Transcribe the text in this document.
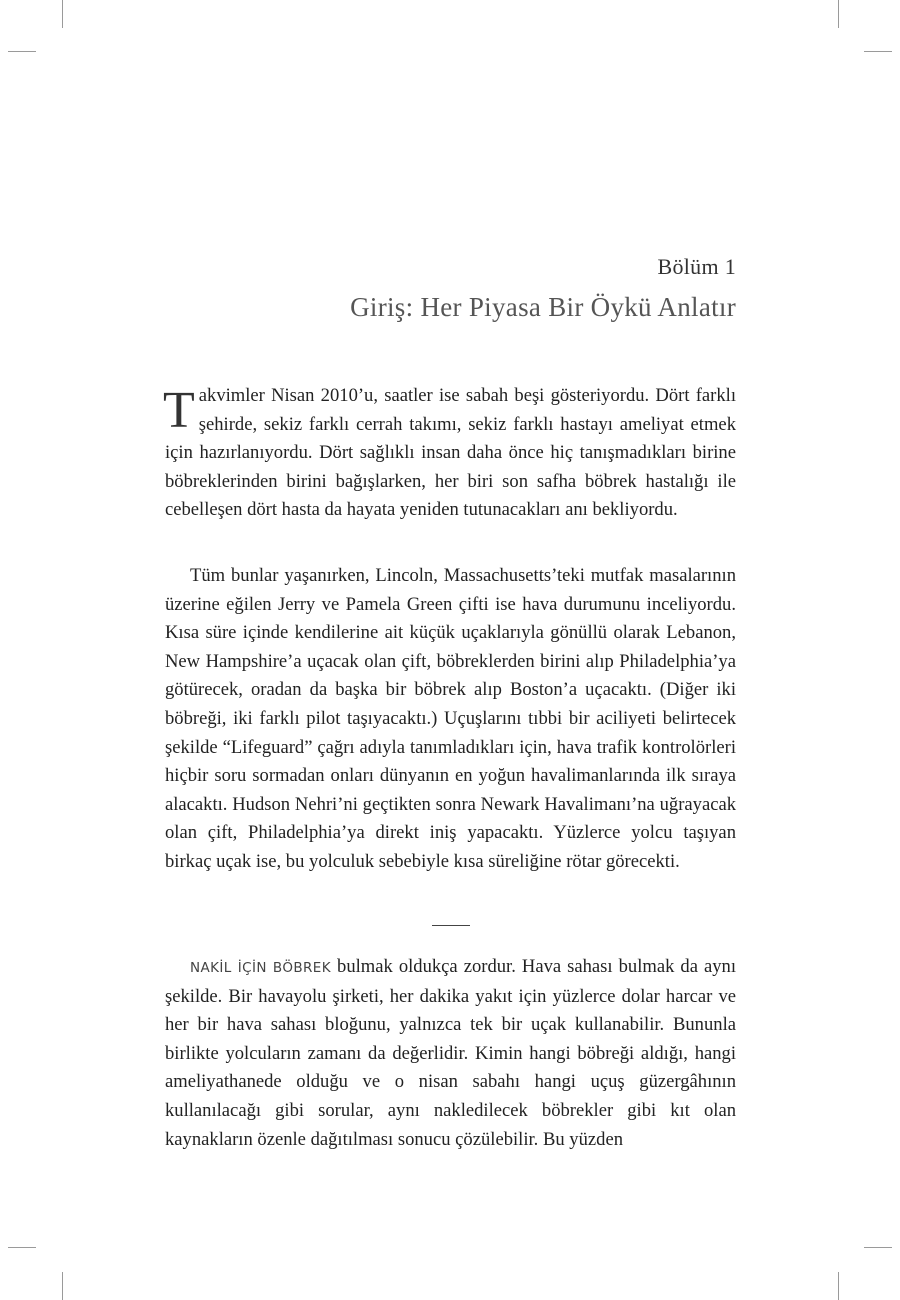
Bölüm 1
Giriş: Her Piyasa Bir Öykü Anlatır

Takvimler Nisan 2010’u, saatler ise sabah beşi gösteriyordu. Dört farklı şehirde, sekiz farklı cerrah takımı, sekiz farklı hastayı ameliyat etmek için hazırlanıyordu. Dört sağlıklı insan daha önce hiç tanışmadıkları birine böbreklerinden birini bağışlarken, her biri son safha böbrek hastalığı ile cebelleşen dört hasta da hayata yeniden tutunacakları anı bekliyordu.

Tüm bunlar yaşanırken, Lincoln, Massachusetts’teki mutfak masalarının üzerine eğilen Jerry ve Pamela Green çifti ise hava durumunu inceliyordu. Kısa süre içinde kendilerine ait küçük uçaklarıyla gönüllü olarak Lebanon, New Hampshire’a uçacak olan çift, böbreklerden birini alıp Philadelphia’ya götürecek, oradan da başka bir böbrek alıp Boston’a uçacaktı. (Diğer iki böbreği, iki farklı pilot taşıyacaktı.) Uçuşlarını tıbbi bir aciliyeti belirtecek şekilde “Lifeguard” çağrı adıyla tanımladıkları için, hava trafik kontrolörleri hiçbir soru sormadan onları dünyanın en yoğun havalimanlarında ilk sıraya alacaktı. Hudson Nehri’ni geçtikten sonra Newark Havalimanı’na uğrayacak olan çift, Philadelphia’ya direkt iniş yapacaktı. Yüzlerce yolcu taşıyan birkaç uçak ise, bu yolculuk sebebiyle kısa süreliğine rötar görecekti.

NAKİL İÇİN BÖBREK bulmak oldukça zordur. Hava sahası bulmak da aynı şekilde. Bir havayolu şirketi, her dakika yakıt için yüzlerce dolar harcar ve her bir hava sahası bloğunu, yalnızca tek bir uçak kullanabilir. Bununla birlikte yolcuların zamanı da değerlidir. Kimin hangi böbreği aldığı, hangi ameliyathanede olduğu ve o nisan sabahı hangi uçuş güzergâhının kullanılacağı gibi sorular, aynı nakledilecek böbrekler gibi kıt olan kaynakların özenle dağıtılması sonucu çözülebilir. Bu yüzden
